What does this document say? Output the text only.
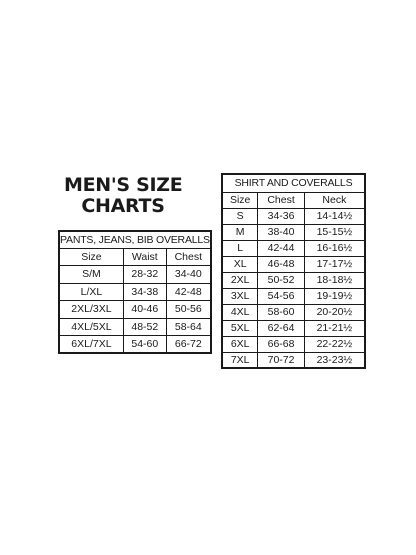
MEN'S SIZE
CHARTS
PANTS, JEANS, BIB OVERALLS		
Size	Waist	Chest
S/M	28-32	34-40
L/XL	34-38	42-48
2XL/3XL	40-46	50-56
4XL/5XL	48-52	58-64
6XL/7XL	54-60	66-72
SHIRT AND COVERALLS		
Size	Chest	Neck
S	34-36	14-14½
M	38-40	15-15½
L	42-44	16-16½
XL	46-48	17-17½
2XL	50-52	18-18½
3XL	54-56	19-19½
4XL	58-60	20-20½
5XL	62-64	21-21½
6XL	66-68	22-22½
7XL	70-72	23-23½
